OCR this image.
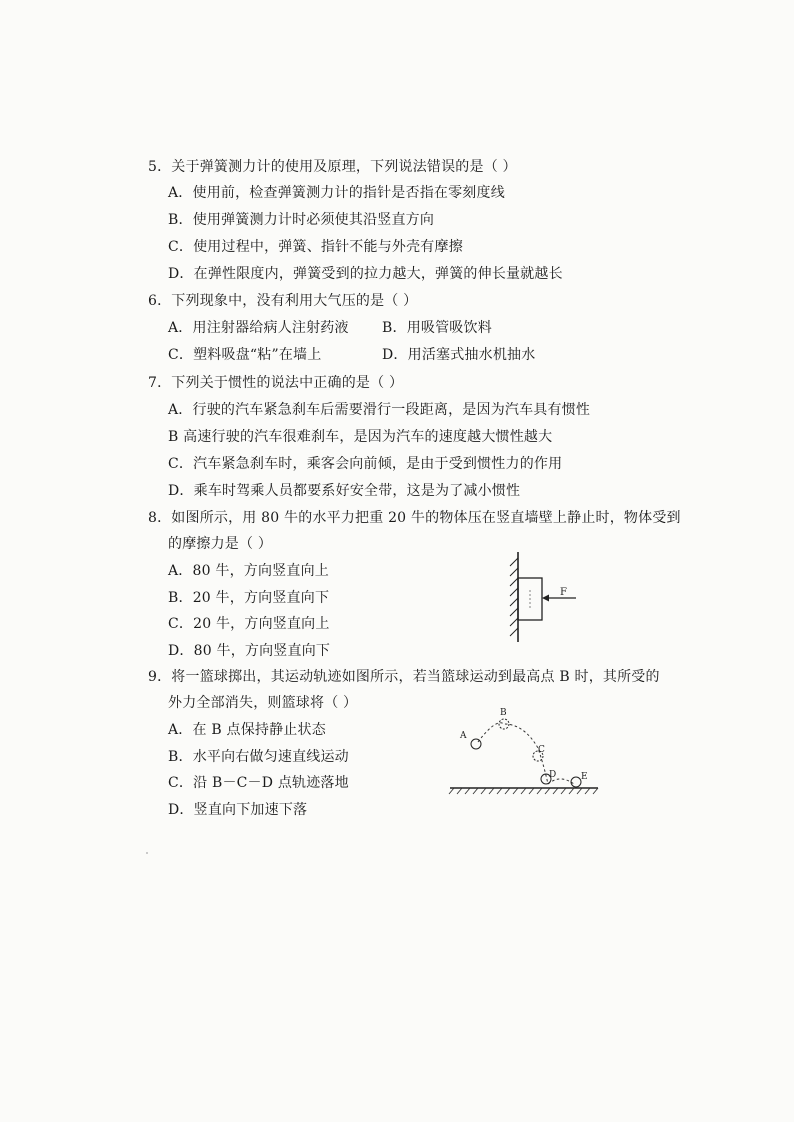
5．关于弹簧测力计的使用及原理，下列说法错误的是（ ）
A．使用前，检查弹簧测力计的指针是否指在零刻度线
B．使用弹簧测力计时必须使其沿竖直方向
C．使用过程中，弹簧、指针不能与外壳有摩擦
D．在弹性限度内，弹簧受到的拉力越大，弹簧的伸长量就越长
6．下列现象中，没有利用大气压的是（ ）
A．用注射器给病人注射药液 B．用吸管吸饮料
C．塑料吸盘“粘”在墙上	D．用活塞式抽水机抽水
7．下列关于惯性的说法中正确的是（ ）
A．行驶的汽车紧急刹车后需要滑行一段距离，是因为汽车具有惯性
B 高速行驶的汽车很难刹车，是因为汽车的速度越大惯性越大
C．汽车紧急刹车时，乘客会向前倾，是由于受到惯性力的作用
D．乘车时驾乘人员都要系好安全带，这是为了减小惯性
8．如图所示，用 80 牛的水平力把重 20 牛的物体压在竖直墙壁上静止时，物体受到
的摩擦力是（ ）
A．80 牛，方向竖直向上
B．20 牛，方向竖直向下
C．20 牛，方向竖直向上
D．80 牛，方向竖直向下
F
9．将一篮球掷出，其运动轨迹如图所示，若当篮球运动到最高点 B 时，其所受的
外力全部消失，则篮球将（ ）
A．在 B 点保持静止状态
B．水平向右做匀速直线运动
C．沿 B－C－D 点轨迹落地
D．竖直向下加速下落
A
B
C
D	E
